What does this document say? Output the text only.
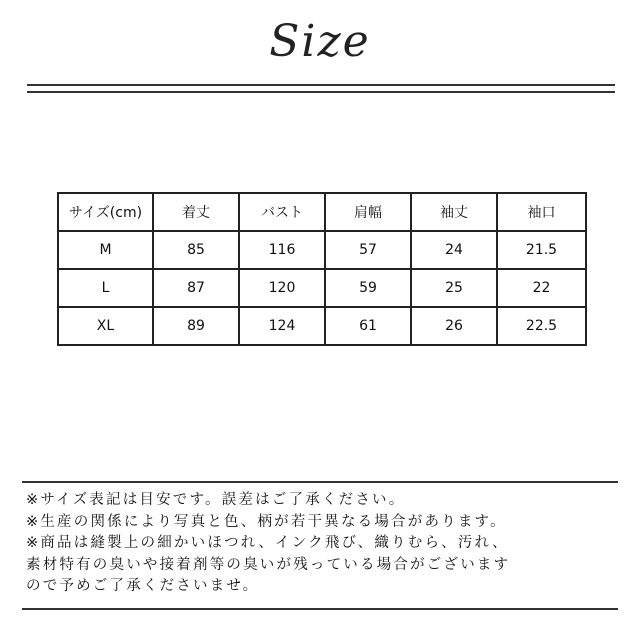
Size
サイズ(cm)	着丈	バスト	肩幅	袖丈	袖口
M	85	116	57	24	21.5
L	87	120	59	25	22
XL	89	124	61	26	22.5
※サイズ表記は目安です。誤差はご了承ください。
※生産の関係により写真と色、柄が若干異なる場合があります。
※商品は縫製上の細かいほつれ、インク飛び、織りむら、汚れ、
素材特有の臭いや接着剤等の臭いが残っている場合がございます
ので予めご了承くださいませ。
